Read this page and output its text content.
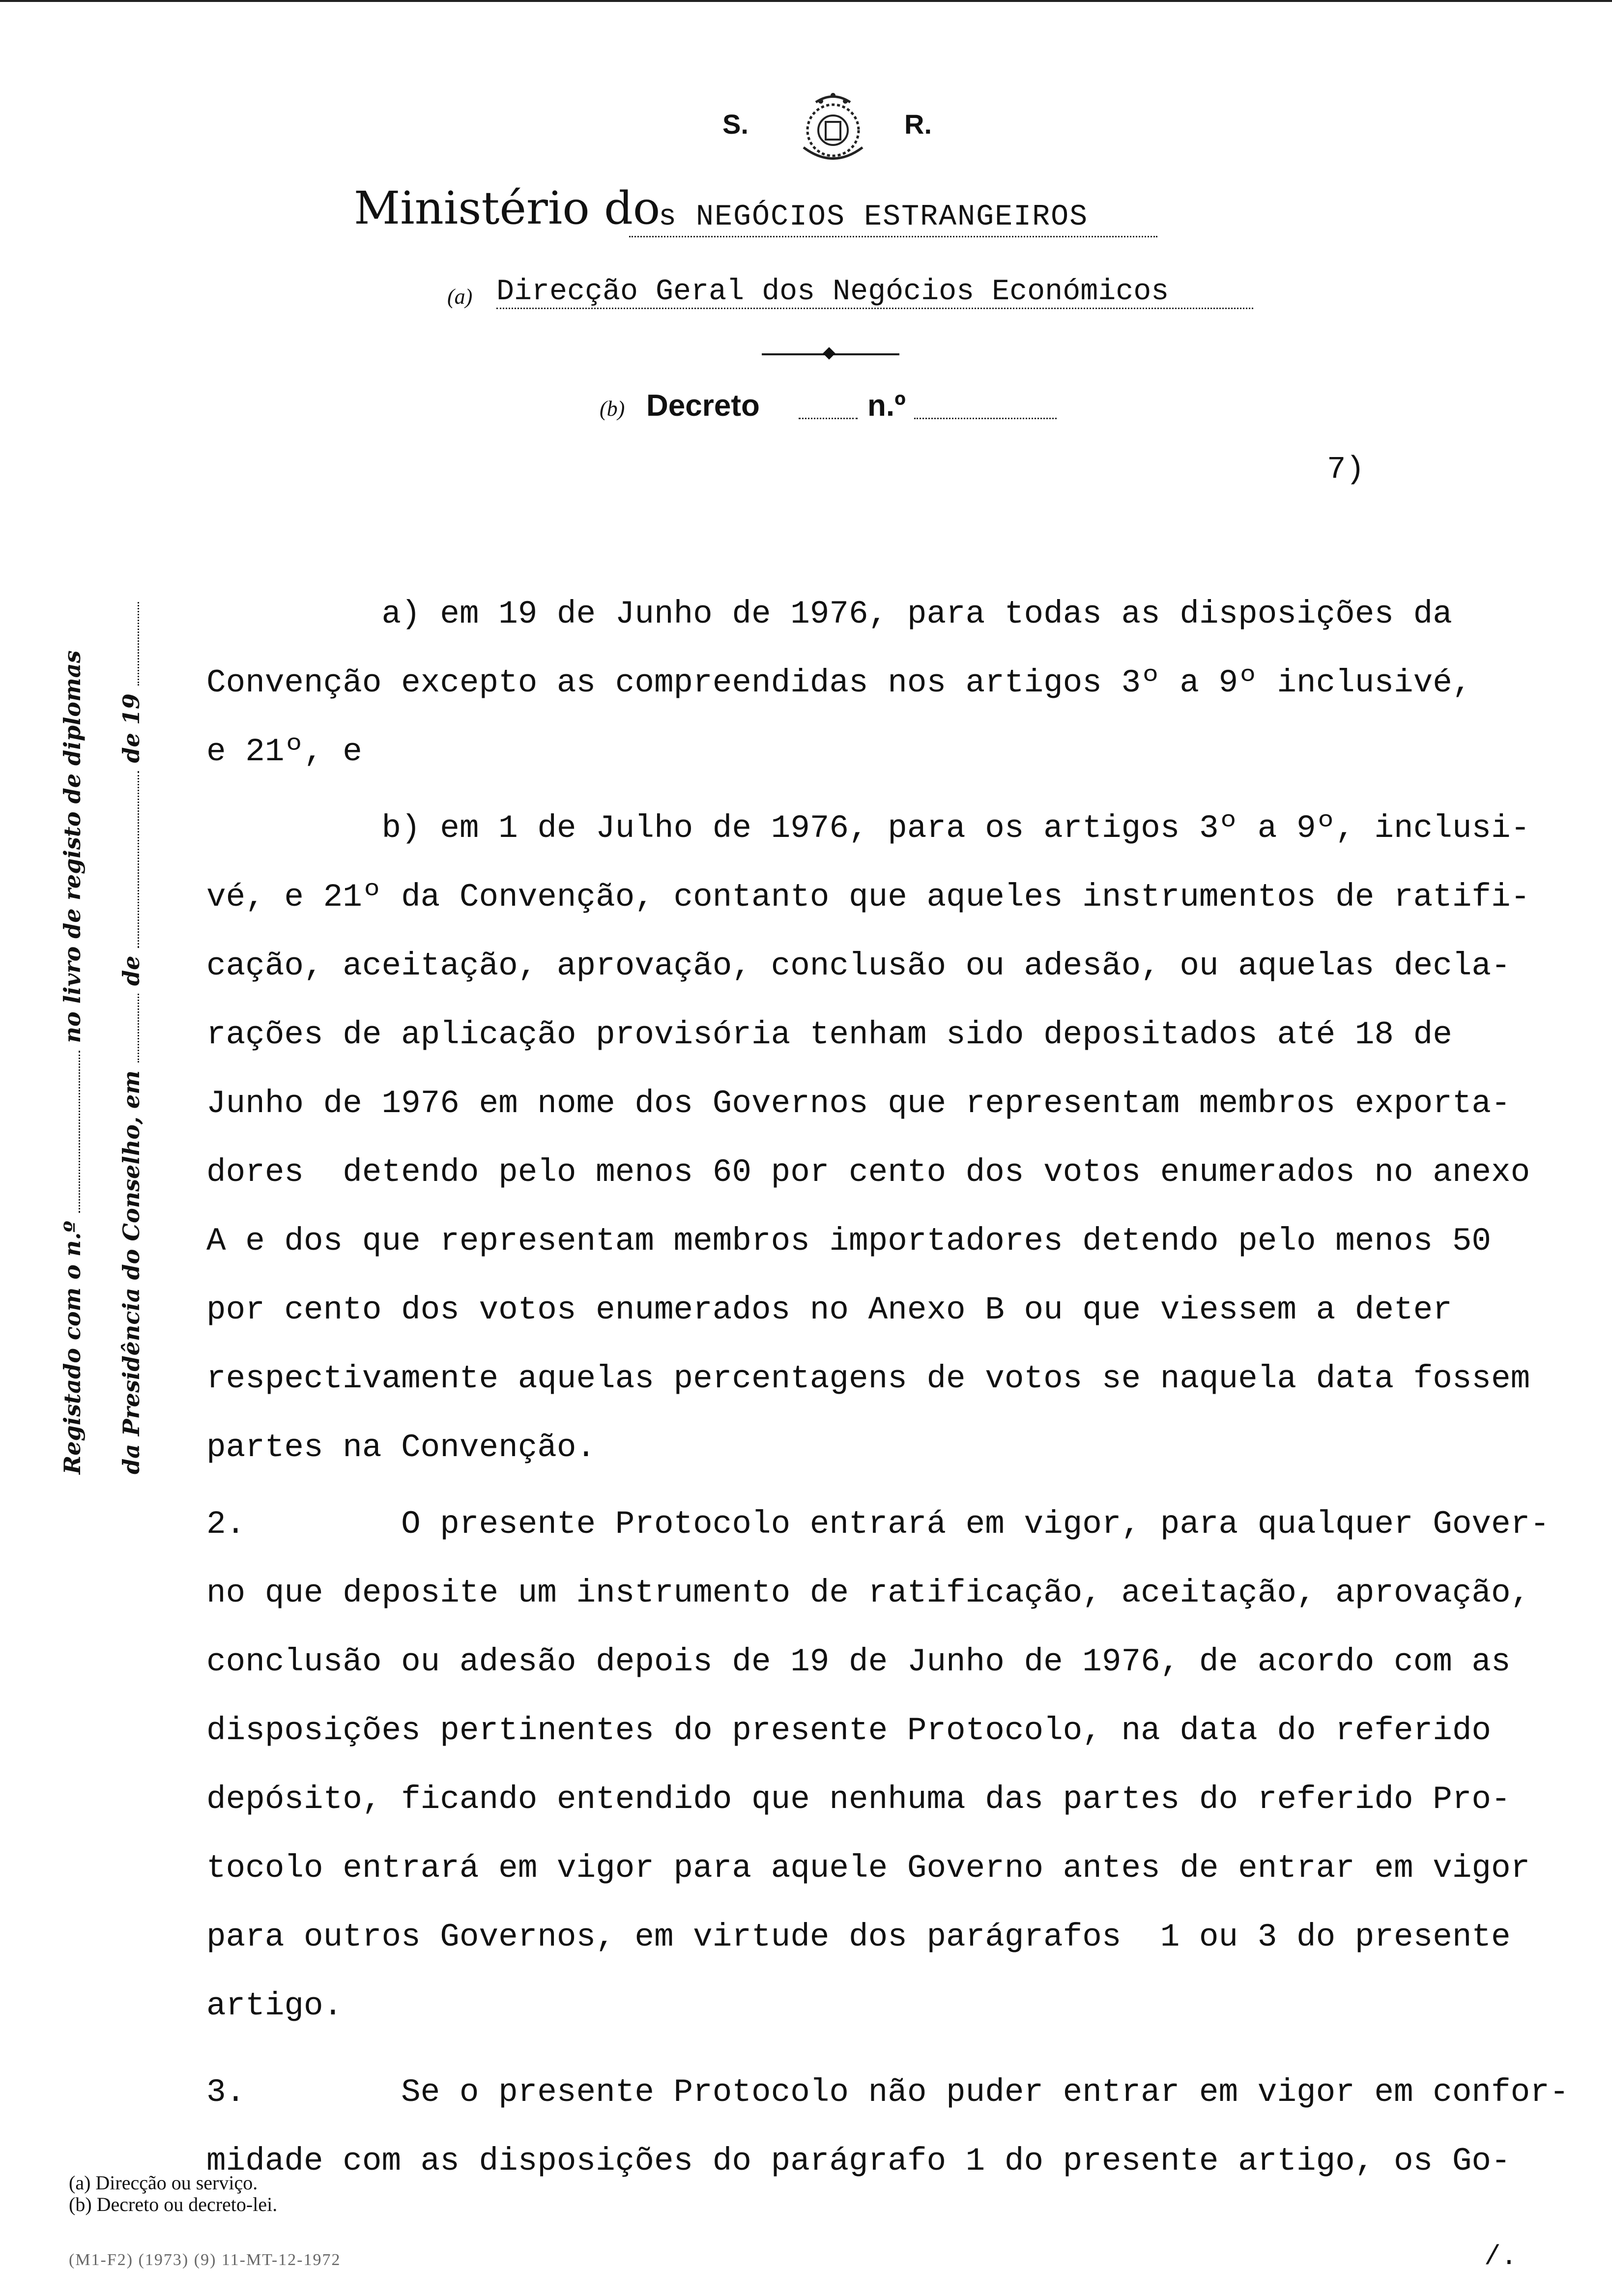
S.	R.
Ministério do
s NEGÓCIOS ESTRANGEIROS
(a) Direcção Geral dos Negócios Económicos
(b) Decreto	n.º
7)
Registado com o n.º  no livro de registo de diplomas
da Presidência do Conselho, em  de  de 19

a) em 19 de Junho de 1976, para todas as disposições da

Convenção excepto as compreendidas nos artigos 3º a 9º inclusivé,

e 21º, e

b) em 1 de Julho de 1976, para os artigos 3º a 9º, inclusi-

vé, e 21º da Convenção, contanto que aqueles instrumentos de ratifi-

cação, aceitação, aprovação, conclusão ou adesão, ou aquelas decla-

rações de aplicação provisória tenham sido depositados até 18 de

Junho de 1976 em nome dos Governos que representam membros exporta-

dores  detendo pelo menos 60 por cento dos votos enumerados no anexo

A e dos que representam membros importadores detendo pelo menos 50

por cento dos votos enumerados no Anexo B ou que viessem a deter

respectivamente aquelas percentagens de votos se naquela data fossem

partes na Convenção.

2.        O presente Protocolo entrará em vigor, para qualquer Gover-

no que deposite um instrumento de ratificação, aceitação, aprovação,

conclusão ou adesão depois de 19 de Junho de 1976, de acordo com as

disposições pertinentes do presente Protocolo, na data do referido

depósito, ficando entendido que nenhuma das partes do referido Pro-

tocolo entrará em vigor para aquele Governo antes de entrar em vigor

para outros Governos, em virtude dos parágrafos  1 ou 3 do presente

artigo.

3.        Se o presente Protocolo não puder entrar em vigor em confor-

midade com as disposições do parágrafo 1 do presente artigo, os Go-

(a) Direcção ou serviço.
(b) Decreto ou decreto-lei.
(M1-F2) (1973) (9) 11-MT-12-1972	/.
